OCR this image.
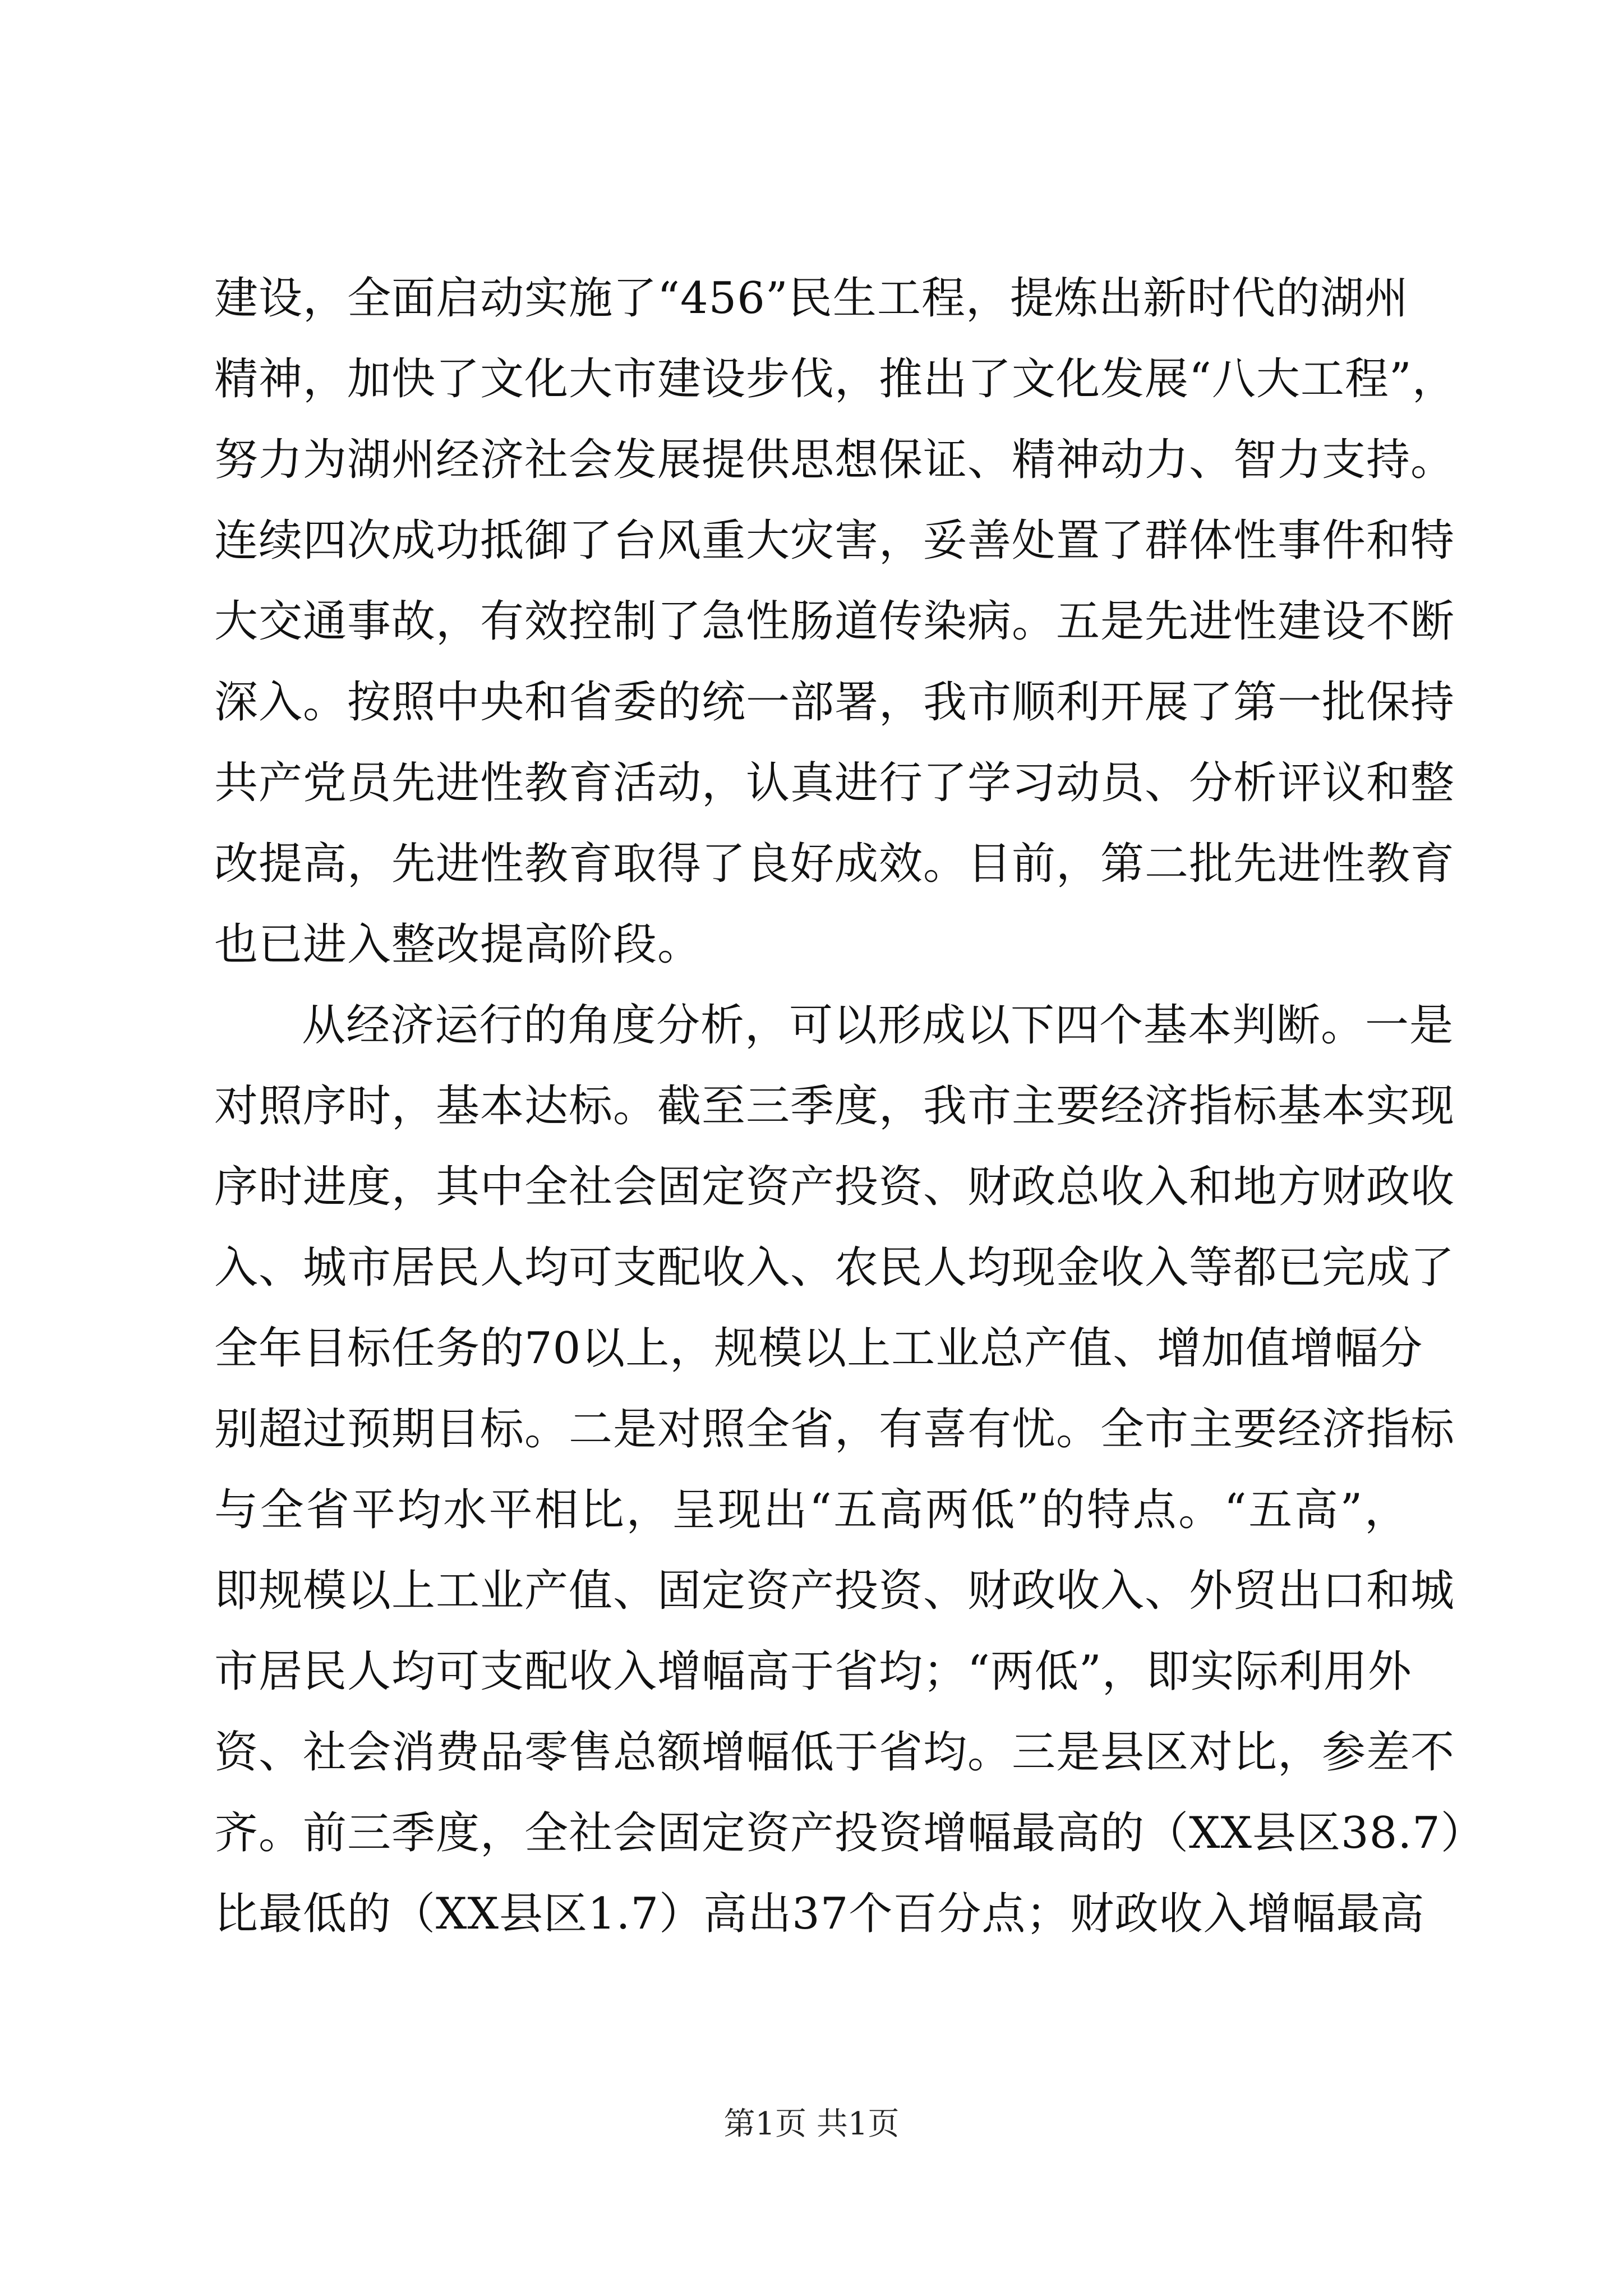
建设，全面启动实施了“456”民生工程，提炼出新时代的湖州
精神，加快了文化大市建设步伐，推出了文化发展“八大工程”，
努力为湖州经济社会发展提供思想保证、精神动力、智力支持。
连续四次成功抵御了台风重大灾害，妥善处置了群体性事件和特
大交通事故，有效控制了急性肠道传染病。五是先进性建设不断
深入。按照中央和省委的统一部署，我市顺利开展了第一批保持
共产党员先进性教育活动，认真进行了学习动员、分析评议和整
改提高，先进性教育取得了良好成效。目前，第二批先进性教育
也已进入整改提高阶段。
从经济运行的角度分析，可以形成以下四个基本判断。一是
对照序时，基本达标。截至三季度，我市主要经济指标基本实现
序时进度，其中全社会固定资产投资、财政总收入和地方财政收
入、城市居民人均可支配收入、农民人均现金收入等都已完成了
全年目标任务的70以上，规模以上工业总产值、增加值增幅分
别超过预期目标。二是对照全省，有喜有忧。全市主要经济指标
与全省平均水平相比，呈现出“五高两低”的特点。“五高”，
即规模以上工业产值、固定资产投资、财政收入、外贸出口和城
市居民人均可支配收入增幅高于省均；“两低”，即实际利用外
资、社会消费品零售总额增幅低于省均。三是县区对比，参差不
齐。前三季度，全社会固定资产投资增幅最高的（XX县区38.7）
比最低的（XX县区1.7）高出37个百分点；财政收入增幅最高
第1页 共1页
